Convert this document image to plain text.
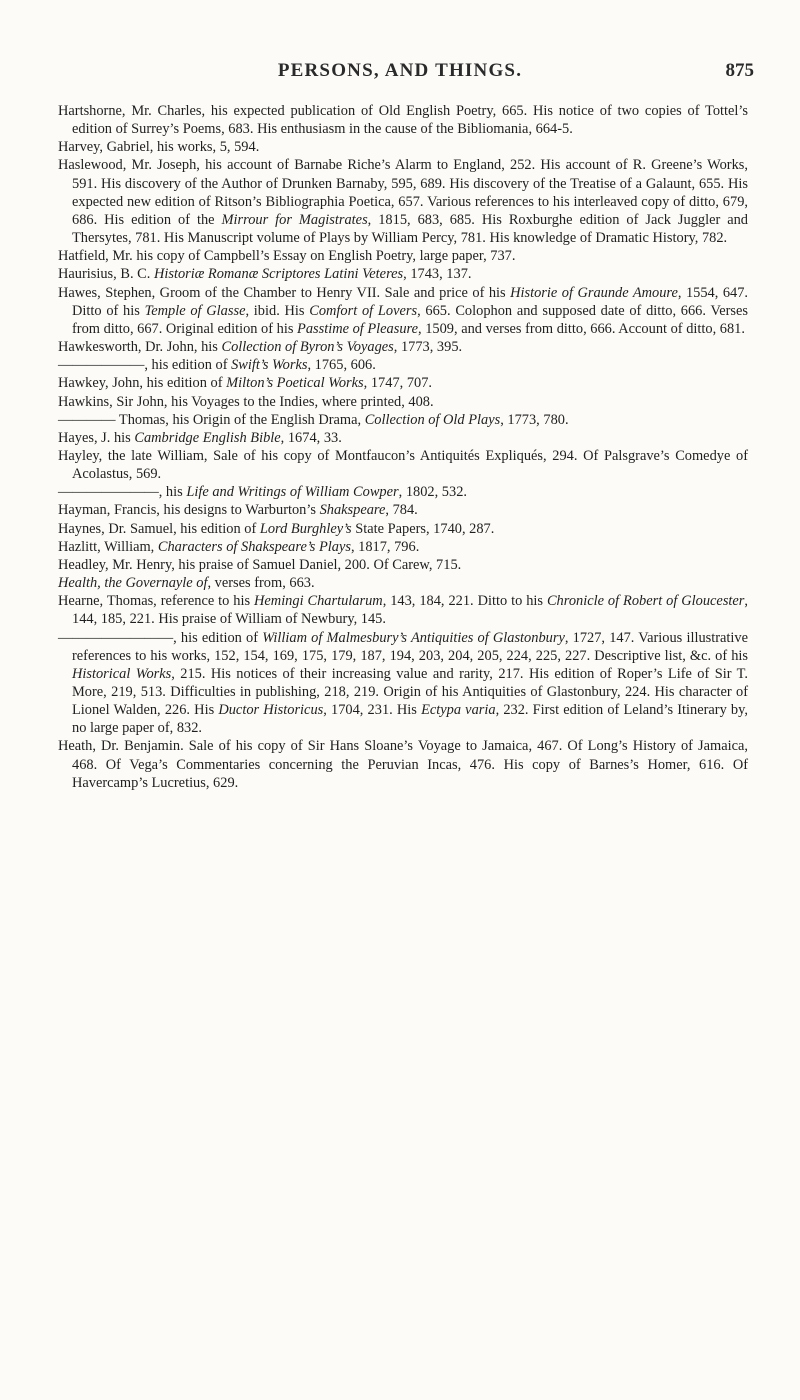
PERSONS, AND THINGS.	875

Hartshorne, Mr. Charles, his expected publication of Old English Poetry, 665. His notice of two copies of Tottel’s edition of Surrey’s Poems, 683. His enthusiasm in the cause of the Bibliomania, 664-5.

Harvey, Gabriel, his works, 5, 594.

Haslewood, Mr. Joseph, his account of Barnabe Riche’s Alarm to England, 252. His account of R. Greene’s Works, 591. His discovery of the Author of Drunken Barnaby, 595, 689. His discovery of the Treatise of a Galaunt, 655. His expected new edition of Ritson’s Bibliographia Poetica, 657. Various references to his interleaved copy of ditto, 679, 686. His edition of the Mirrour for Magistrates, 1815, 683, 685. His Roxburghe edition of Jack Juggler and Thersytes, 781. His Manuscript volume of Plays by William Percy, 781. His knowledge of Dramatic History, 782.

Hatfield, Mr. his copy of Campbell’s Essay on English Poetry, large paper, 737.

Haurisius, B. C. Historiæ Romanæ Scriptores Latini Veteres, 1743, 137.

Hawes, Stephen, Groom of the Chamber to Henry VII. Sale and price of his Historie of Graunde Amoure, 1554, 647. Ditto of his Temple of Glasse, ibid. His Comfort of Lovers, 665. Colophon and supposed date of ditto, 666. Verses from ditto, 667. Original edition of his Passtime of Pleasure, 1509, and verses from ditto, 666. Account of ditto, 681.

Hawkesworth, Dr. John, his Collection of Byron’s Voyages, 1773, 395.

——————, his edition of Swift’s Works, 1765, 606.

Hawkey, John, his edition of Milton’s Poetical Works, 1747, 707.

Hawkins, Sir John, his Voyages to the Indies, where printed, 408.

———— Thomas, his Origin of the English Drama, Collection of Old Plays, 1773, 780.

Hayes, J. his Cambridge English Bible, 1674, 33.

Hayley, the late William, Sale of his copy of Montfaucon’s Antiquités Expliqués, 294. Of Palsgrave’s Comedye of Acolastus, 569.

———————, his Life and Writings of William Cowper, 1802, 532.

Hayman, Francis, his designs to Warburton’s Shakspeare, 784.

Haynes, Dr. Samuel, his edition of Lord Burghley’s State Papers, 1740, 287.

Hazlitt, William, Characters of Shakspeare’s Plays, 1817, 796.

Headley, Mr. Henry, his praise of Samuel Daniel, 200. Of Carew, 715.

Health, the Governayle of, verses from, 663.

Hearne, Thomas, reference to his Hemingi Chartularum, 143, 184, 221. Ditto to his Chronicle of Robert of Gloucester, 144, 185, 221. His praise of William of Newbury, 145.

————————, his edition of William of Malmesbury’s Antiquities of Glastonbury, 1727, 147. Various illustrative references to his works, 152, 154, 169, 175, 179, 187, 194, 203, 204, 205, 224, 225, 227. Descriptive list, &c. of his Historical Works, 215. His notices of their increasing value and rarity, 217. His edition of Roper’s Life of Sir T. More, 219, 513. Difficulties in publishing, 218, 219. Origin of his Antiquities of Glastonbury, 224. His character of Lionel Walden, 226. His Ductor Historicus, 1704, 231. His Ectypa varia, 232. First edition of Leland’s Itinerary by, no large paper of, 832.

Heath, Dr. Benjamin. Sale of his copy of Sir Hans Sloane’s Voyage to Jamaica, 467. Of Long’s History of Jamaica, 468. Of Vega’s Commentaries concerning the Peruvian Incas, 476. His copy of Barnes’s Homer, 616. Of Havercamp’s Lucretius, 629.
